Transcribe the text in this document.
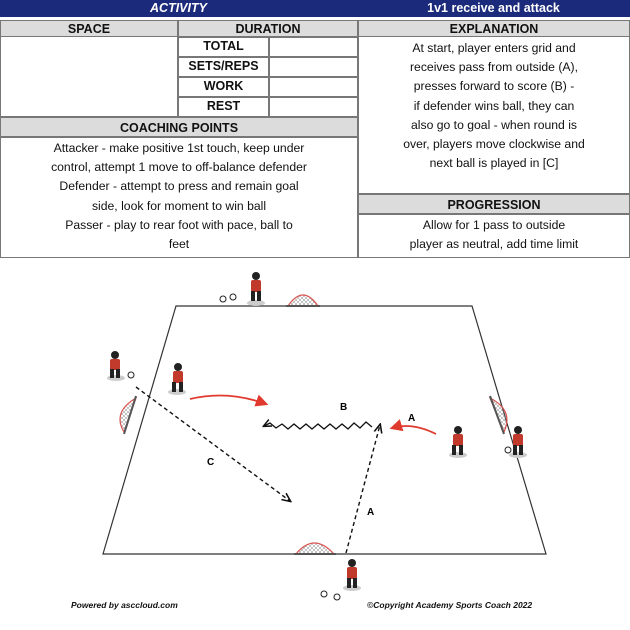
ACTIVITY	1v1 receive and attack
SPACE	DURATION	EXPLANATION
TOTAL
SETS/REPS
WORK
REST
COACHING POINTS
Attacker - make positive 1st touch, keep under
control, attempt 1 move to off-balance defender
Defender - attempt to press and remain goal
side, look for moment to win ball
Passer - play to rear foot with pace, ball to
feet
At start, player enters grid and
receives pass from outside (A),
presses forward to score (B) -
if defender wins ball, they can
also go to goal - when round is
over, players move clockwise and
next ball is played in [C]
PROGRESSION
Allow for 1 pass to outside
player as neutral, add time limit
A
A
B
C
Powered by asccloud.com	©Copyright Academy Sports Coach 2022
